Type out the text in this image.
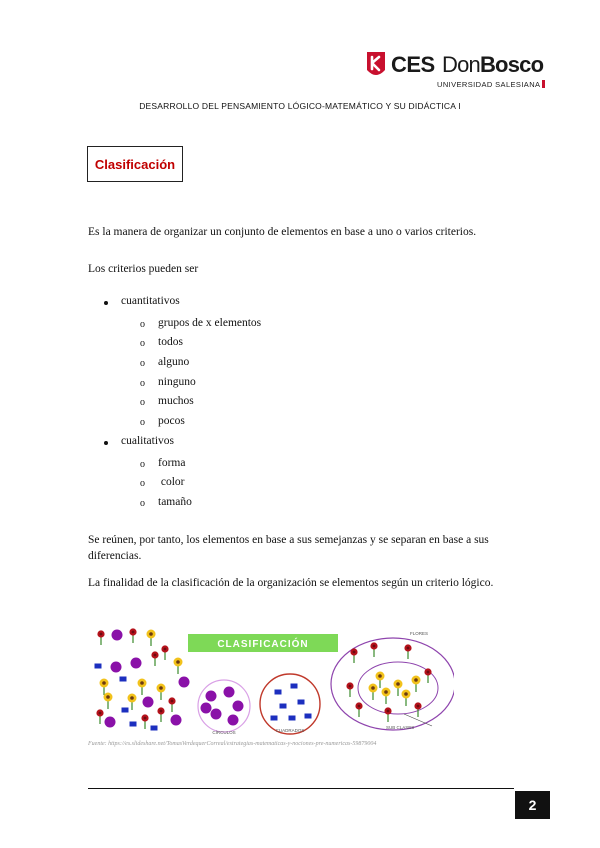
CES DonBosco
UNIVERSIDAD SALESIANA
DESARROLLO DEL PENSAMIENTO LÓGICO-MATEMÁTICO Y SU DIDÁCTICA I
Clasificación

Es la manera de organizar un conjunto de elementos en base a uno o varios criterios.

Los criterios pueden ser

cuantitativos
o grupos de x elementos
o todos
o alguno
o ninguno
o muchos
o pocos
cualitativos
o forma
o color
o tamaño

Se reúnen, por tanto, los elementos en base a sus semejanzas y se separan en base a sus diferencias.

La finalidad de la clasificación de la organización se elementos según un criterio lógico.

CLASIFICACIÓN
CÍRCULOS	CUADRADOS
FLORES
SUB CLASES
Fuente: https://es.slideshare.net/TomasVerdequerCorreal/estrategias-matematicas-y-nociones-pre-numericas-59879004
2
